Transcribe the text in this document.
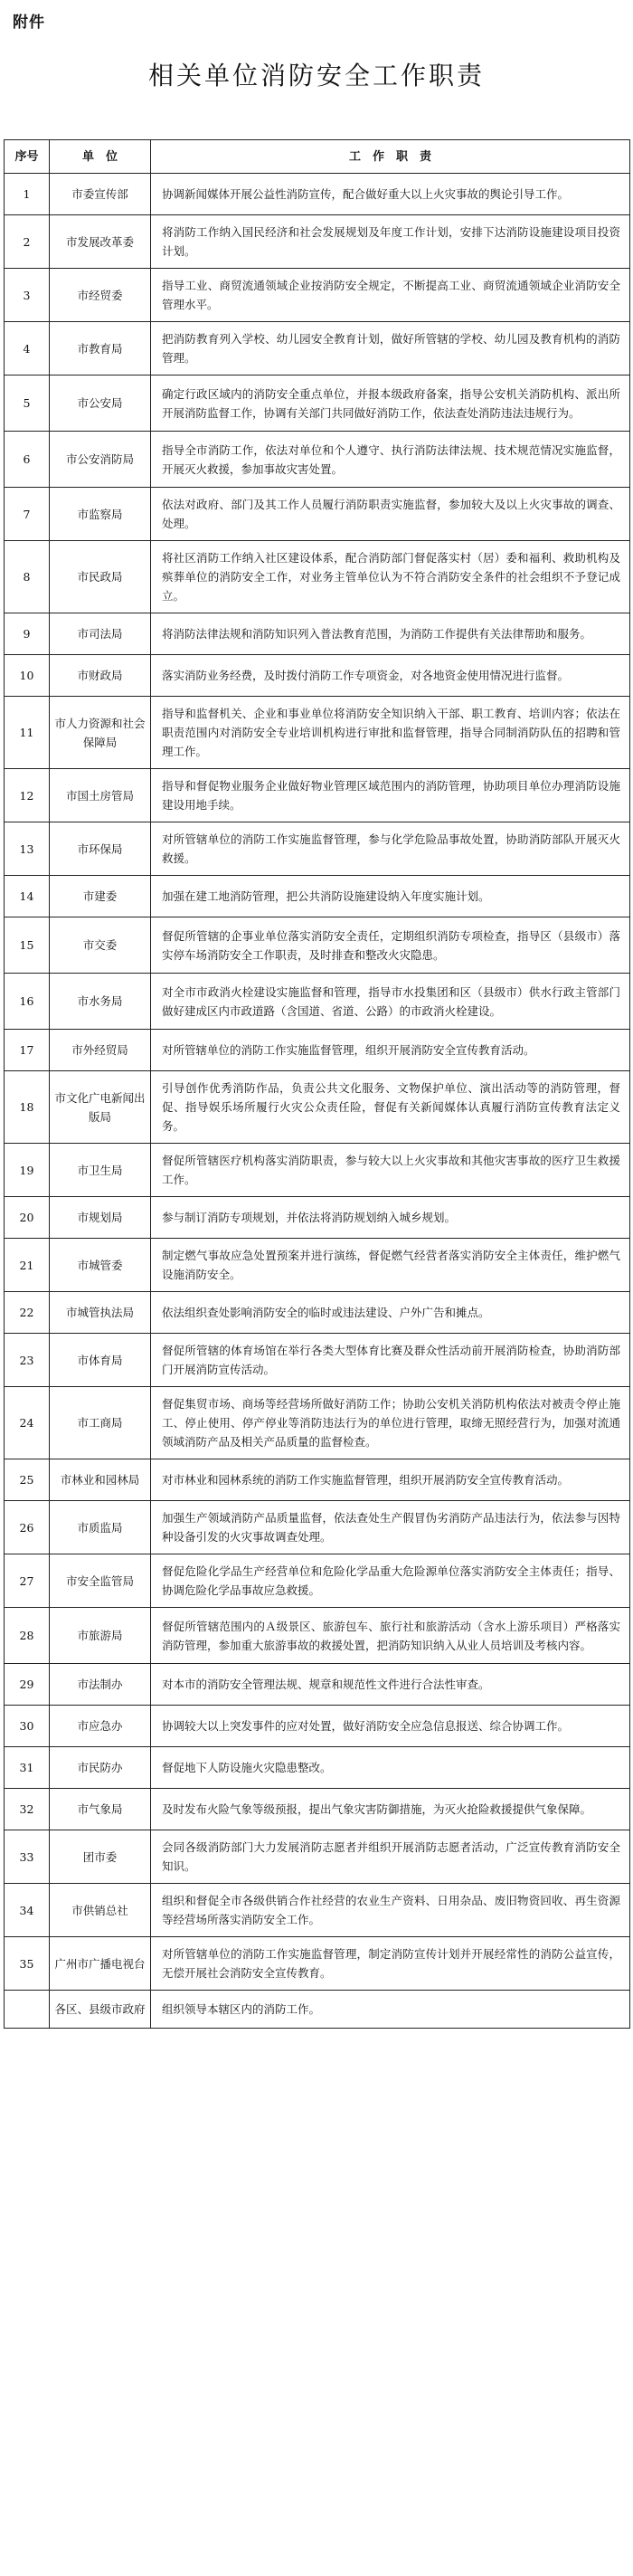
附件
相关单位消防安全工作职责
序号	单　位	工　作　职　责
1	市委宣传部	协调新闻媒体开展公益性消防宣传，配合做好重大以上火灾事故的舆论引导工作。
2	市发展改革委	将消防工作纳入国民经济和社会发展规划及年度工作计划，安排下达消防设施建设项目投资计划。
3	市经贸委	指导工业、商贸流通领域企业按消防安全规定，不断提高工业、商贸流通领域企业消防安全管理水平。
4	市教育局	把消防教育列入学校、幼儿园安全教育计划，做好所管辖的学校、幼儿园及教育机构的消防管理。
5	市公安局	确定行政区域内的消防安全重点单位，并报本级政府备案，指导公安机关消防机构、派出所开展消防监督工作，协调有关部门共同做好消防工作，依法查处消防违法违规行为。
6	市公安消防局	指导全市消防工作，依法对单位和个人遵守、执行消防法律法规、技术规范情况实施监督，开展灭火救援，参加事故灾害处置。
7	市监察局	依法对政府、部门及其工作人员履行消防职责实施监督，参加较大及以上火灾事故的调查、处理。
8	市民政局	将社区消防工作纳入社区建设体系，配合消防部门督促落实村（居）委和福利、救助机构及殡葬单位的消防安全工作，对业务主管单位认为不符合消防安全条件的社会组织不予登记成立。
9	市司法局	将消防法律法规和消防知识列入普法教育范围，为消防工作提供有关法律帮助和服务。
10	市财政局	落实消防业务经费，及时拨付消防工作专项资金，对各地资金使用情况进行监督。
11	市人力资源和社会保障局	指导和监督机关、企业和事业单位将消防安全知识纳入干部、职工教育、培训内容；依法在职责范围内对消防安全专业培训机构进行审批和监督管理，指导合同制消防队伍的招聘和管理工作。
12	市国土房管局	指导和督促物业服务企业做好物业管理区域范围内的消防管理，协助项目单位办理消防设施建设用地手续。
13	市环保局	对所管辖单位的消防工作实施监督管理，参与化学危险品事故处置，协助消防部队开展灭火救援。
14	市建委	加强在建工地消防管理，把公共消防设施建设纳入年度实施计划。
15	市交委	督促所管辖的企事业单位落实消防安全责任，定期组织消防专项检查，指导区（县级市）落实停车场消防安全工作职责，及时排查和整改火灾隐患。
16	市水务局	对全市市政消火栓建设实施监督和管理，指导市水投集团和区（县级市）供水行政主管部门做好建成区内市政道路（含国道、省道、公路）的市政消火栓建设。
17	市外经贸局	对所管辖单位的消防工作实施监督管理，组织开展消防安全宣传教育活动。
18	市文化广电新闻出版局	引导创作优秀消防作品，负责公共文化服务、文物保护单位、演出活动等的消防管理，督促、指导娱乐场所履行火灾公众责任险，督促有关新闻媒体认真履行消防宣传教育法定义务。
19	市卫生局	督促所管辖医疗机构落实消防职责，参与较大以上火灾事故和其他灾害事故的医疗卫生救援工作。
20	市规划局	参与制订消防专项规划，并依法将消防规划纳入城乡规划。
21	市城管委	制定燃气事故应急处置预案并进行演练，督促燃气经营者落实消防安全主体责任，维护燃气设施消防安全。
22	市城管执法局	依法组织查处影响消防安全的临时或违法建设、户外广告和摊点。
23	市体育局	督促所管辖的体育场馆在举行各类大型体育比赛及群众性活动前开展消防检查，协助消防部门开展消防宣传活动。
24	市工商局	督促集贸市场、商场等经营场所做好消防工作；协助公安机关消防机构依法对被责令停止施工、停止使用、停产停业等消防违法行为的单位进行管理，取缔无照经营行为，加强对流通领域消防产品及相关产品质量的监督检查。
25	市林业和园林局	对市林业和园林系统的消防工作实施监督管理，组织开展消防安全宣传教育活动。
26	市质监局	加强生产领域消防产品质量监督，依法查处生产假冒伪劣消防产品违法行为，依法参与因特种设备引发的火灾事故调查处理。
27	市安全监管局	督促危险化学品生产经营单位和危险化学品重大危险源单位落实消防安全主体责任；指导、协调危险化学品事故应急救援。
28	市旅游局	督促所管辖范围内的Ａ级景区、旅游包车、旅行社和旅游活动（含水上游乐项目）严格落实消防管理，参加重大旅游事故的救援处置，把消防知识纳入从业人员培训及考核内容。
29	市法制办	对本市的消防安全管理法规、规章和规范性文件进行合法性审查。
30	市应急办	协调较大以上突发事件的应对处置，做好消防安全应急信息报送、综合协调工作。
31	市民防办	督促地下人防设施火灾隐患整改。
32	市气象局	及时发布火险气象等级预报，提出气象灾害防御措施，为灭火抢险救援提供气象保障。
33	团市委	会同各级消防部门大力发展消防志愿者并组织开展消防志愿者活动，广泛宣传教育消防安全知识。
34	市供销总社	组织和督促全市各级供销合作社经营的农业生产资料、日用杂品、废旧物资回收、再生资源等经营场所落实消防安全工作。
35	广州市广播电视台	对所管辖单位的消防工作实施监督管理，制定消防宣传计划并开展经常性的消防公益宣传，无偿开展社会消防安全宣传教育。
	各区、县级市政府	组织领导本辖区内的消防工作。
